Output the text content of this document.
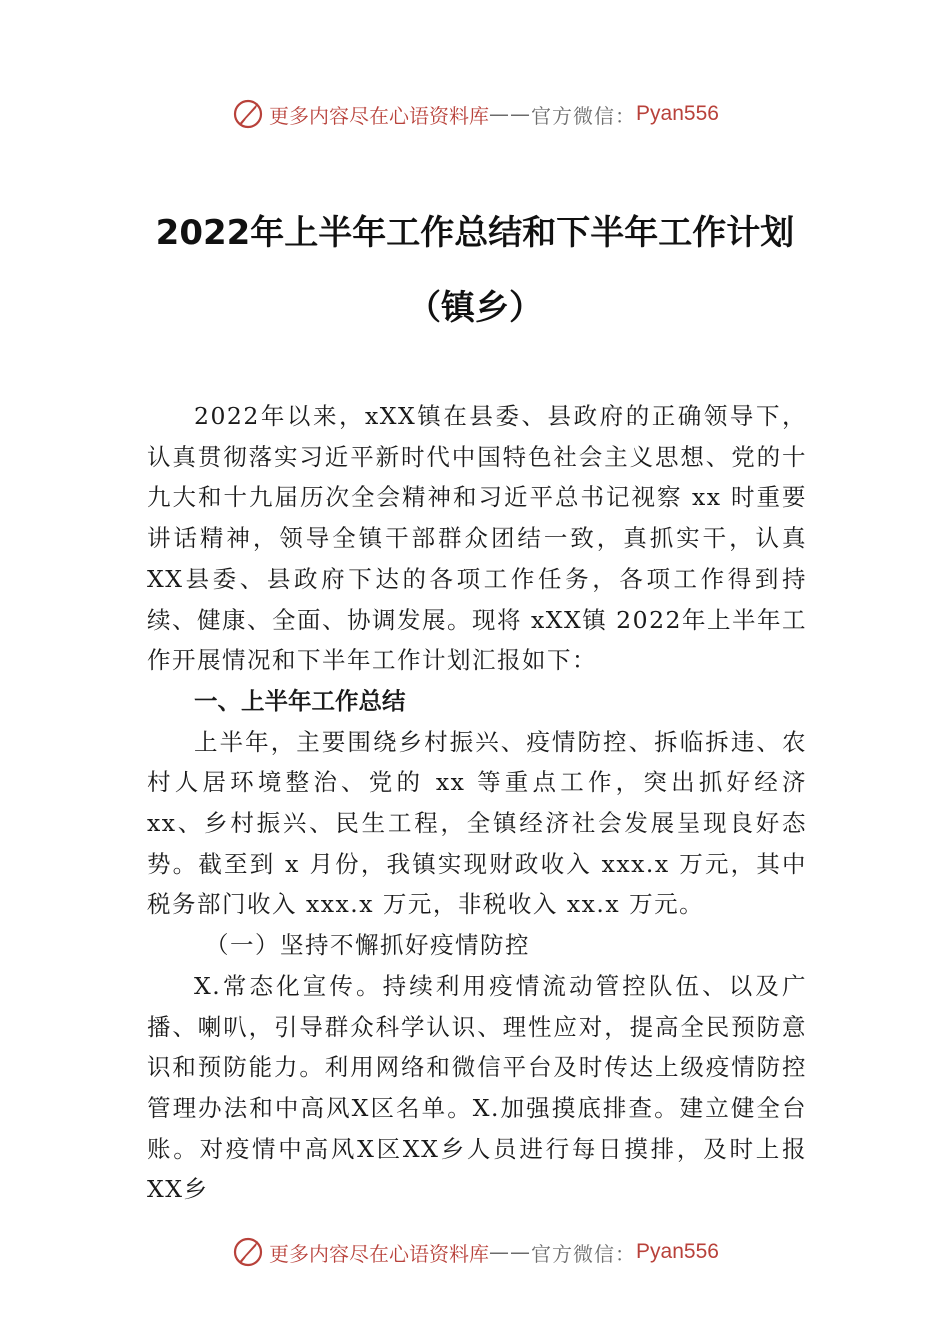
更多内容尽在心语资料库 —— 官方微信： Pyan556
2022年上半年工作总结和下半年工作计划
（镇乡）

2022年以来，xXX镇在县委、县政府的正确领导下，认真贯彻落实习近平新时代中国特色社会主义思想、党的十九大和十九届历次全会精神和习近平总书记视察 xx 时重要讲话精神，领导全镇干部群众团结一致，真抓实干，认真XX县委、县政府下达的各项工作任务，各项工作得到持续、健康、全面、协调发展。现将 xXX镇 2022年上半年工作开展情况和下半年工作计划汇报如下：

一、上半年工作总结

上半年，主要围绕乡村振兴、疫情防控、拆临拆违、农村人居环境整治、党的 xx 等重点工作，突出抓好经济 xx、乡村振兴、民生工程，全镇经济社会发展呈现良好态势。截至到 x 月份，我镇实现财政收入 xxx.x 万元，其中税务部门收入 xxx.x 万元，非税收入 xx.x 万元。

（一）坚持不懈抓好疫情防控

X.常态化宣传。持续利用疫情流动管控队伍、以及广播、喇叭，引导群众科学认识、理性应对，提高全民预防意识和预防能力。利用网络和微信平台及时传达上级疫情防控管理办法和中高风X区名单。X.加强摸底排查。建立健全台账。对疫情中高风X区XX乡人员进行每日摸排，及时上报XX乡

更多内容尽在心语资料库 —— 官方微信： Pyan556
